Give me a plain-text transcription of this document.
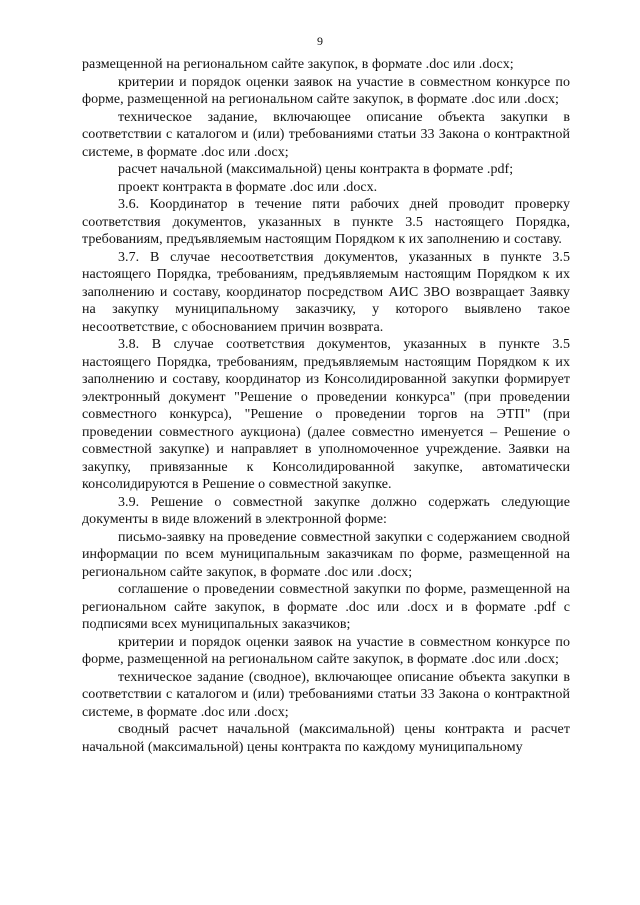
9

размещенной на региональном сайте закупок, в формате .doc или .docx;

критерии и порядок оценки заявок на участие в совместном конкурсе по форме, размещенной на региональном сайте закупок, в формате .doc или .docx;

техническое задание, включающее описание объекта закупки в соответствии с каталогом и (или) требованиями статьи 33 Закона о контрактной системе, в формате .doc или .docx;

расчет начальной (максимальной) цены контракта в формате .pdf;

проект контракта в формате .doc или .docx.

3.6. Координатор в течение пяти рабочих дней проводит проверку соответствия документов, указанных в пункте 3.5 настоящего Порядка, требованиям, предъявляемым настоящим Порядком к их заполнению и составу.

3.7. В случае несоответствия документов, указанных в пункте 3.5 настоящего Порядка, требованиям, предъявляемым настоящим Порядком к их заполнению и составу, координатор посредством АИС ЗВО возвращает Заявку на закупку муниципальному заказчику, у которого выявлено такое несоответствие, с обоснованием причин возврата.

3.8. В случае соответствия документов, указанных в пункте 3.5 настоящего Порядка, требованиям, предъявляемым настоящим Порядком к их заполнению и составу, координатор из Консолидированной закупки формирует электронный документ "Решение о проведении конкурса" (при проведении совместного конкурса), "Решение о проведении торгов на ЭТП" (при проведении совместного аукциона) (далее совместно именуется – Решение о совместной закупке) и направляет в уполномоченное учреждение. Заявки на закупку, привязанные к Консолидированной закупке, автоматически консолидируются в Решение о совместной закупке.

3.9. Решение о совместной закупке должно содержать следующие документы в виде вложений в электронной форме:

письмо-заявку на проведение совместной закупки с содержанием сводной информации по всем муниципальным заказчикам по форме, размещенной на региональном сайте закупок, в формате .doc или .docx;

соглашение о проведении совместной закупки по форме, размещенной на региональном сайте закупок, в формате .doc или .docx и в формате .pdf с подписями всех муниципальных заказчиков;

критерии и порядок оценки заявок на участие в совместном конкурсе по форме, размещенной на региональном сайте закупок, в формате .doc или .docx;

техническое задание (сводное), включающее описание объекта закупки в соответствии с каталогом и (или) требованиями статьи 33 Закона о контрактной системе, в формате .doc или .docx;

сводный расчет начальной (максимальной) цены контракта и расчет начальной (максимальной) цены контракта по каждому муниципальному
